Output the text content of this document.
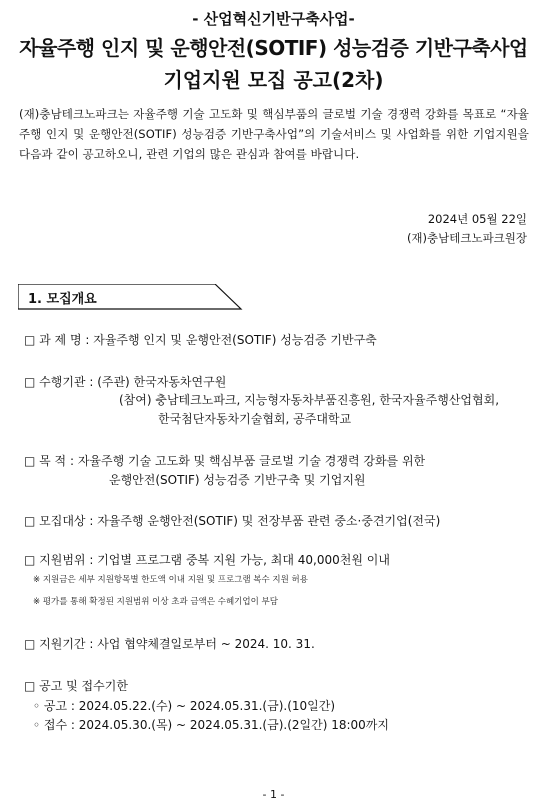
- 산업혁신기반구축사업-
자율주행 인지 및 운행안전(SOTIF) 성능검증 기반구축사업
기업지원 모집 공고(2차)
(재)충남테크노파크는 자율주행 기술 고도화 및 핵심부품의 글로벌 기술 경쟁력 강화를 목표로 “자율주행 인지 및 운행안전(SOTIF) 성능검증 기반구축사업”의 기술서비스 및 사업화를 위한 기업지원을 다음과 같이 공고하오니, 관련 기업의 많은 관심과 참여를 바랍니다.
2024년 05월 22일
(재)충남테크노파크원장
1. 모집개요
□ 과 제 명 : 자율주행 인지 및 운행안전(SOTIF) 성능검증 기반구축
□ 수행기관 : (주관) 한국자동차연구원
(참여) 충남테크노파크, 지능형자동차부품진흥원, 한국자율주행산업협회,
한국첨단자동차기술협회, 공주대학교
□ 목 적 : 자율주행 기술 고도화 및 핵심부품 글로벌 기술 경쟁력 강화를 위한
운행안전(SOTIF) 성능검증 기반구축 및 기업지원
□ 모집대상 : 자율주행 운행안전(SOTIF) 및 전장부품 관련 중소·중견기업(전국)
□ 지원범위 : 기업별 프로그램 중복 지원 가능, 최대 40,000천원 이내
※ 지원금은 세부 지원항목별 한도액 이내 지원 및 프로그램 복수 지원 허용
※ 평가를 통해 확정된 지원범위 이상 초과 금액은 수혜기업이 부담
□ 지원기간 : 사업 협약체결일로부터 ~ 2024. 10. 31.
□ 공고 및 접수기한
◦ 공고 : 2024.05.22.(수) ~ 2024.05.31.(금).(10일간)
◦ 접수 : 2024.05.30.(목) ~ 2024.05.31.(금).(2일간) 18:00까지
- 1 -
